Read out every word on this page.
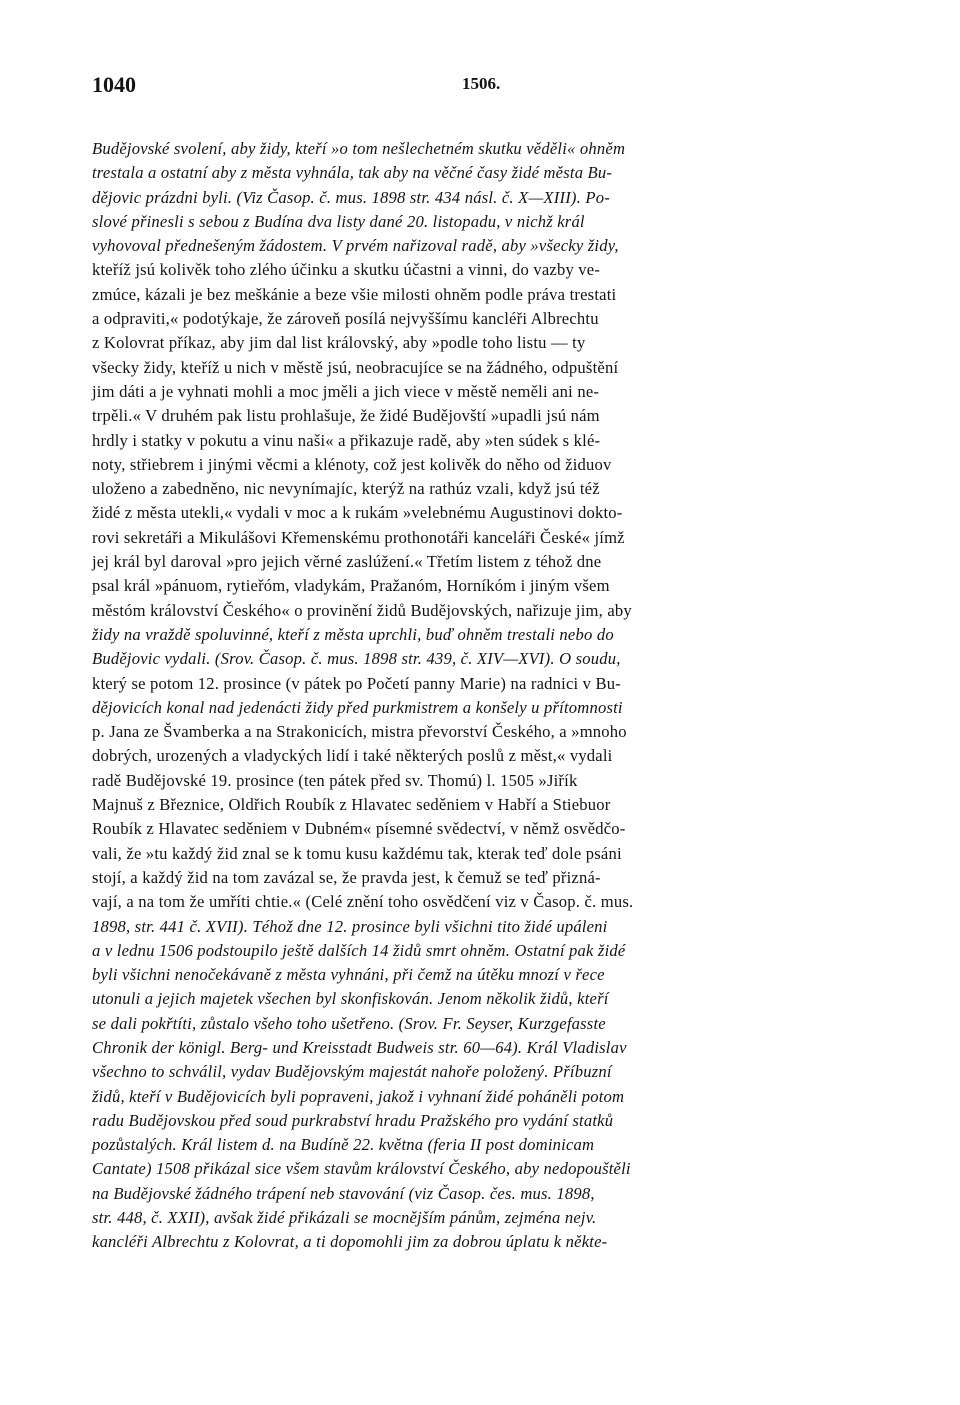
1040	1506.
Budějovské svolení, aby židy, kteří »o tom nešlechetném skutku věděli« ohněm
trestala a ostatní aby z města vyhnála, tak aby na věčné časy židé města Bu-
dějovic prázdni byli. (Viz Časop. č. mus. 1898 str. 434 násl. č. X—XIII). Po-
slové přinesli s sebou z Budína dva listy dané 20. listopadu, v nichž král
vyhovoval přednešeným žádostem. V prvém nařizoval radě, aby »všecky židy,
kteříž jsú kolivěk toho zlého účinku a skutku účastni a vinni, do vazby ve-
zmúce, kázali je bez meškánie a beze všie milosti ohněm podle práva trestati
a odpraviti,« podotýkaje, že zároveň posílá nejvyššímu kancléři Albrechtu
z Kolovrat příkaz, aby jim dal list královský, aby »podle toho listu — ty
všecky židy, kteříž u nich v městě jsú, neobracujíce se na žádného, odpuštění
jim dáti a je vyhnati mohli a moc jměli a jich viece v městě neměli ani ne-
trpěli.« V druhém pak listu prohlašuje, že židé Budějovští »upadli jsú nám
hrdly i statky v pokutu a vinu naši« a přikazuje radě, aby »ten súdek s klé-
noty, střiebrem i jinými věcmi a klénoty, což jest kolivěk do něho od židuov
uloženo a zabedněno, nic nevynímajíc, kterýž na rathúz vzali, když jsú též
židé z města utekli,« vydali v moc a k rukám »velebnému Augustinovi dokto-
rovi sekretáři a Mikulášovi Křemenskému prothonotáři kanceláři České« jímž
jej král byl daroval »pro jejich věrné zaslúžení.« Třetím listem z téhož dne
psal král »pánuom, rytieřóm, vladykám, Pražanóm, Horníkóm i jiným všem
městóm království Českého« o provinění židů Budějovských, nařizuje jim, aby
židy na vraždě spoluvinné, kteří z města uprchli, buď ohněm trestali nebo do
Budějovic vydali. (Srov. Časop. č. mus. 1898 str. 439, č. XIV—XVI). O soudu,
který se potom 12. prosince (v pátek po Početí panny Marie) na radnici v Bu-
dějovicích konal nad jedenácti židy před purkmistrem a konšely u přítomnosti
p. Jana ze Švamberka a na Strakonicích, mistra převorství Českého, a »mnoho
dobrých, urozených a vladyckých lidí i také některých poslů z měst,« vydali
radě Budějovské 19. prosince (ten pátek před sv. Thomú) l. 1505 »Jiřík
Majnuš z Březnice, Oldřich Roubík z Hlavatec seděniem v Habří a Stiebuor
Roubík z Hlavatec seděniem v Dubném« písemné svědectví, v němž osvědčo-
vali, že »tu každý žid znal se k tomu kusu každému tak, kterak teď dole psáni
stojí, a každý žid na tom zavázal se, že pravda jest, k čemuž se teď přizná-
vají, a na tom že umříti chtie.« (Celé znění toho osvědčení viz v Časop. č. mus.
1898, str. 441 č. XVII). Téhož dne 12. prosince byli všichni tito židé upáleni
a v lednu 1506 podstoupilo ještě dalších 14 židů smrt ohněm. Ostatní pak židé
byli všichni nenočekávaně z města vyhnáni, při čemž na útěku mnozí v řece
utonuli a jejich majetek všechen byl skonfiskován. Jenom několik židů, kteří
se dali pokřtíti, zůstalo všeho toho ušetřeno. (Srov. Fr. Seyser, Kurzgefasste
Chronik der königl. Berg- und Kreisstadt Budweis str. 60—64). Král Vladislav
všechno to schválil, vydav Budějovským majestát nahoře položený. Příbuzní
židů, kteří v Budějovicích byli popraveni, jakož i vyhnaní židé poháněli potom
radu Budějovskou před soud purkrabství hradu Pražského pro vydání statků
pozůstalých. Král listem d. na Budíně 22. května (feria II post dominicam
Cantate) 1508 přikázal sice všem stavům království Českého, aby nedopouštěli
na Budějovské žádného trápení neb stavování (viz Časop. čes. mus. 1898,
str. 448, č. XXII), avšak židé přikázali se mocnějším pánům, zejména nejv.
kancléři Albrechtu z Kolovrat, a ti dopomohli jim za dobrou úplatu k někte-
